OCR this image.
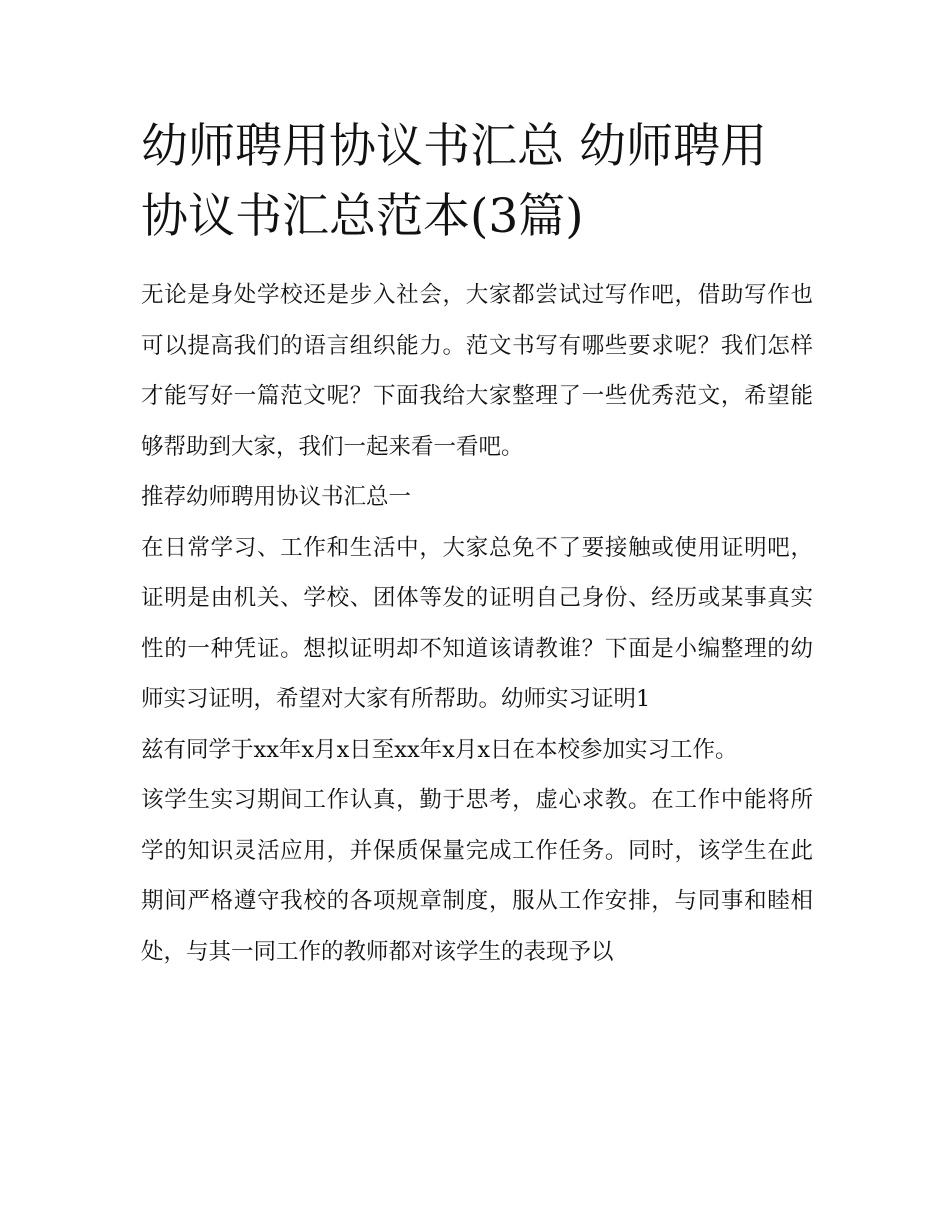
幼师聘用协议书汇总 幼师聘用协议书汇总范本(3篇)

无论是身处学校还是步入社会，大家都尝试过写作吧，借助写作也可以提高我们的语言组织能力。范文书写有哪些要求呢？我们怎样才能写好一篇范文呢？下面我给大家整理了一些优秀范文，希望能够帮助到大家，我们一起来看一看吧。

推荐幼师聘用协议书汇总一

在日常学习、工作和生活中，大家总免不了要接触或使用证明吧，证明是由机关、学校、团体等发的证明自己身份、经历或某事真实性的一种凭证。想拟证明却不知道该请教谁？下面是小编整理的幼师实习证明，希望对大家有所帮助。幼师实习证明1

兹有同学于xx年x月x日至xx年x月x日在本校参加实习工作。

该学生实习期间工作认真，勤于思考，虚心求教。在工作中能将所学的知识灵活应用，并保质保量完成工作任务。同时，该学生在此期间严格遵守我校的各项规章制度，服从工作安排，与同事和睦相处，与其一同工作的教师都对该学生的表现予以
